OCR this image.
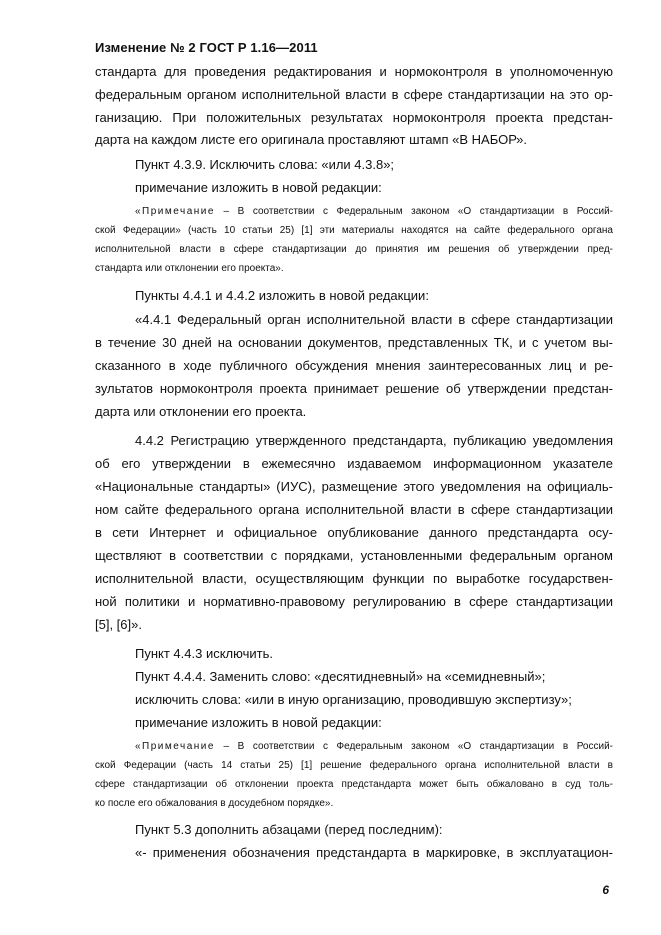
Изменение № 2 ГОСТ Р 1.16—2011

стандарта для проведения редактирования и нормоконтроля в уполномоченную

федеральным органом исполнительной власти в сфере стандартизации на это ор-

ганизацию. При положительных результатах нормоконтроля проекта предстан-

дарта на каждом листе его оригинала проставляют штамп «В НАБОР».

Пункт 4.3.9. Исключить слова: «или 4.3.8»;

примечание изложить в новой редакции:

«Примечание – В соответствии с Федеральным законом «О стандартизации в Россий-

ской Федерации» (часть 10 статьи 25) [1] эти материалы находятся на сайте федерального органа

исполнительной власти в сфере стандартизации до принятия им решения об утверждении пред-

стандарта или отклонении его проекта».

Пункты 4.4.1 и 4.4.2 изложить в новой редакции:

«4.4.1 Федеральный орган исполнительной власти в сфере стандартизации

в течение 30 дней на основании документов, представленных ТК, и с учетом вы-

сказанного в ходе публичного обсуждения мнения заинтересованных лиц и ре-

зультатов нормоконтроля проекта принимает решение об утверждении предстан-

дарта или отклонении его проекта.

4.4.2 Регистрацию утвержденного предстандарта, публикацию уведомления

об его утверждении в ежемесячно издаваемом информационном указателе

«Национальные стандарты» (ИУС), размещение этого уведомления на официаль-

ном сайте федерального органа исполнительной власти в сфере стандартизации

в сети Интернет и официальное опубликование данного предстандарта осу-

ществляют в соответствии с порядками, установленными федеральным органом

исполнительной власти, осуществляющим функции по выработке государствен-

ной политики и нормативно-правовому регулированию в сфере стандартизации

[5], [6]».

Пункт 4.4.3 исключить.

Пункт 4.4.4. Заменить слово: «десятидневный» на «семидневный»;

исключить слова: «или в иную организацию, проводившую экспертизу»;

примечание изложить в новой редакции:

«Примечание – В соответствии с Федеральным законом «О стандартизации в Россий-

ской Федерации (часть 14 статьи 25) [1] решение федерального органа исполнительной власти в

сфере стандартизации об отклонении проекта предстандарта может быть обжаловано в суд толь-

ко после его обжалования в досудебном порядке».

Пункт 5.3 дополнить абзацами (перед последним):

«- применения обозначения предстандарта в маркировке, в эксплуатацион-

6
